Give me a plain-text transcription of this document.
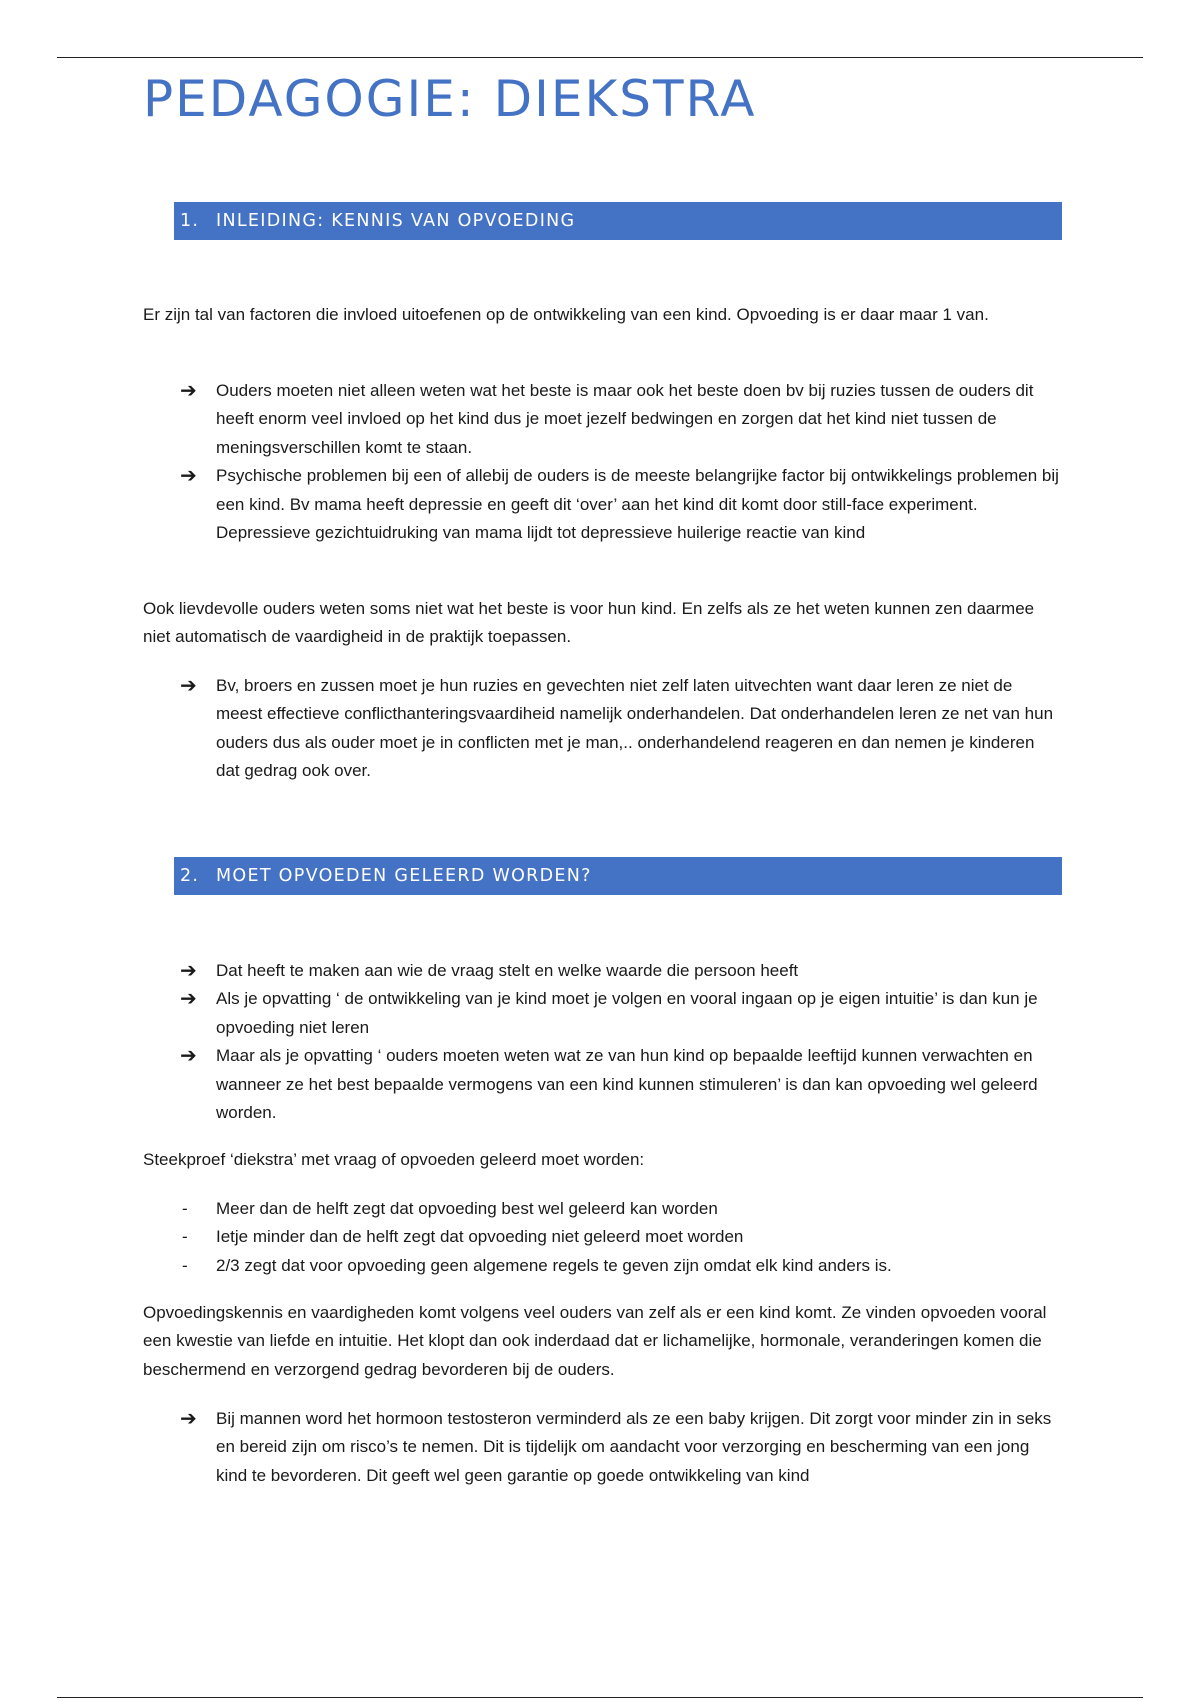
PEDAGOGIE: DIEKSTRA
1. INLEIDING: KENNIS VAN OPVOEDING

Er zijn tal van factoren die invloed uitoefenen op de ontwikkeling van een kind. Opvoeding is er daar maar 1 van.

➔	Ouders moeten niet alleen weten wat het beste is maar ook het beste doen bv bij ruzies tussen de ouders dit heeft enorm veel invloed op het kind dus je moet jezelf bedwingen en zorgen dat het kind niet tussen de meningsverschillen komt te staan.
➔	Psychische problemen bij een of allebij de ouders is de meeste belangrijke factor bij ontwikkelings problemen bij een kind. Bv mama heeft depressie en geeft dit ‘over’ aan het kind dit komt door still-face experiment. Depressieve gezichtuidruking van mama lijdt tot depressieve huilerige reactie van kind

Ook lievdevolle ouders weten soms niet wat het beste is voor hun kind. En zelfs als ze het weten kunnen zen daarmee niet automatisch de vaardigheid in de praktijk toepassen.

➔	Bv, broers en zussen moet je hun ruzies en gevechten niet zelf laten uitvechten want daar leren ze niet de meest effectieve conflicthanteringsvaardiheid namelijk onderhandelen. Dat onderhandelen leren ze net van hun ouders dus als ouder moet je in conflicten met je man,.. onderhandelend reageren en dan nemen je kinderen dat gedrag ook over.
2. MOET OPVOEDEN GELEERD WORDEN?
➔	Dat heeft te maken aan wie de vraag stelt en welke waarde die persoon heeft
➔	Als je opvatting ‘ de ontwikkeling van je kind moet je volgen en vooral ingaan op je eigen intuitie’ is dan kun je opvoeding niet leren
➔	Maar als je opvatting ‘ ouders moeten weten wat ze van hun kind op bepaalde leeftijd kunnen verwachten en wanneer ze het best bepaalde vermogens van een kind kunnen stimuleren’ is dan kan opvoeding wel geleerd worden.

Steekproef ‘diekstra’ met vraag of opvoeden geleerd moet worden:

-	Meer dan de helft zegt dat opvoeding best wel geleerd kan worden
-	Ietje minder dan de helft zegt dat opvoeding niet geleerd moet worden
-	2/3 zegt dat voor opvoeding geen algemene regels te geven zijn omdat elk kind anders is.

Opvoedingskennis en vaardigheden komt volgens veel ouders van zelf als er een kind komt. Ze vinden opvoeden vooral een kwestie van liefde en intuitie. Het klopt dan ook inderdaad dat er lichamelijke, hormonale, veranderingen komen die beschermend en verzorgend gedrag bevorderen bij de ouders.

➔	Bij mannen word het hormoon testosteron verminderd als ze een baby krijgen. Dit zorgt voor minder zin in seks en bereid zijn om risco’s te nemen. Dit is tijdelijk om aandacht voor verzorging en bescherming van een jong kind te bevorderen. Dit geeft wel geen garantie op goede ontwikkeling van kind
